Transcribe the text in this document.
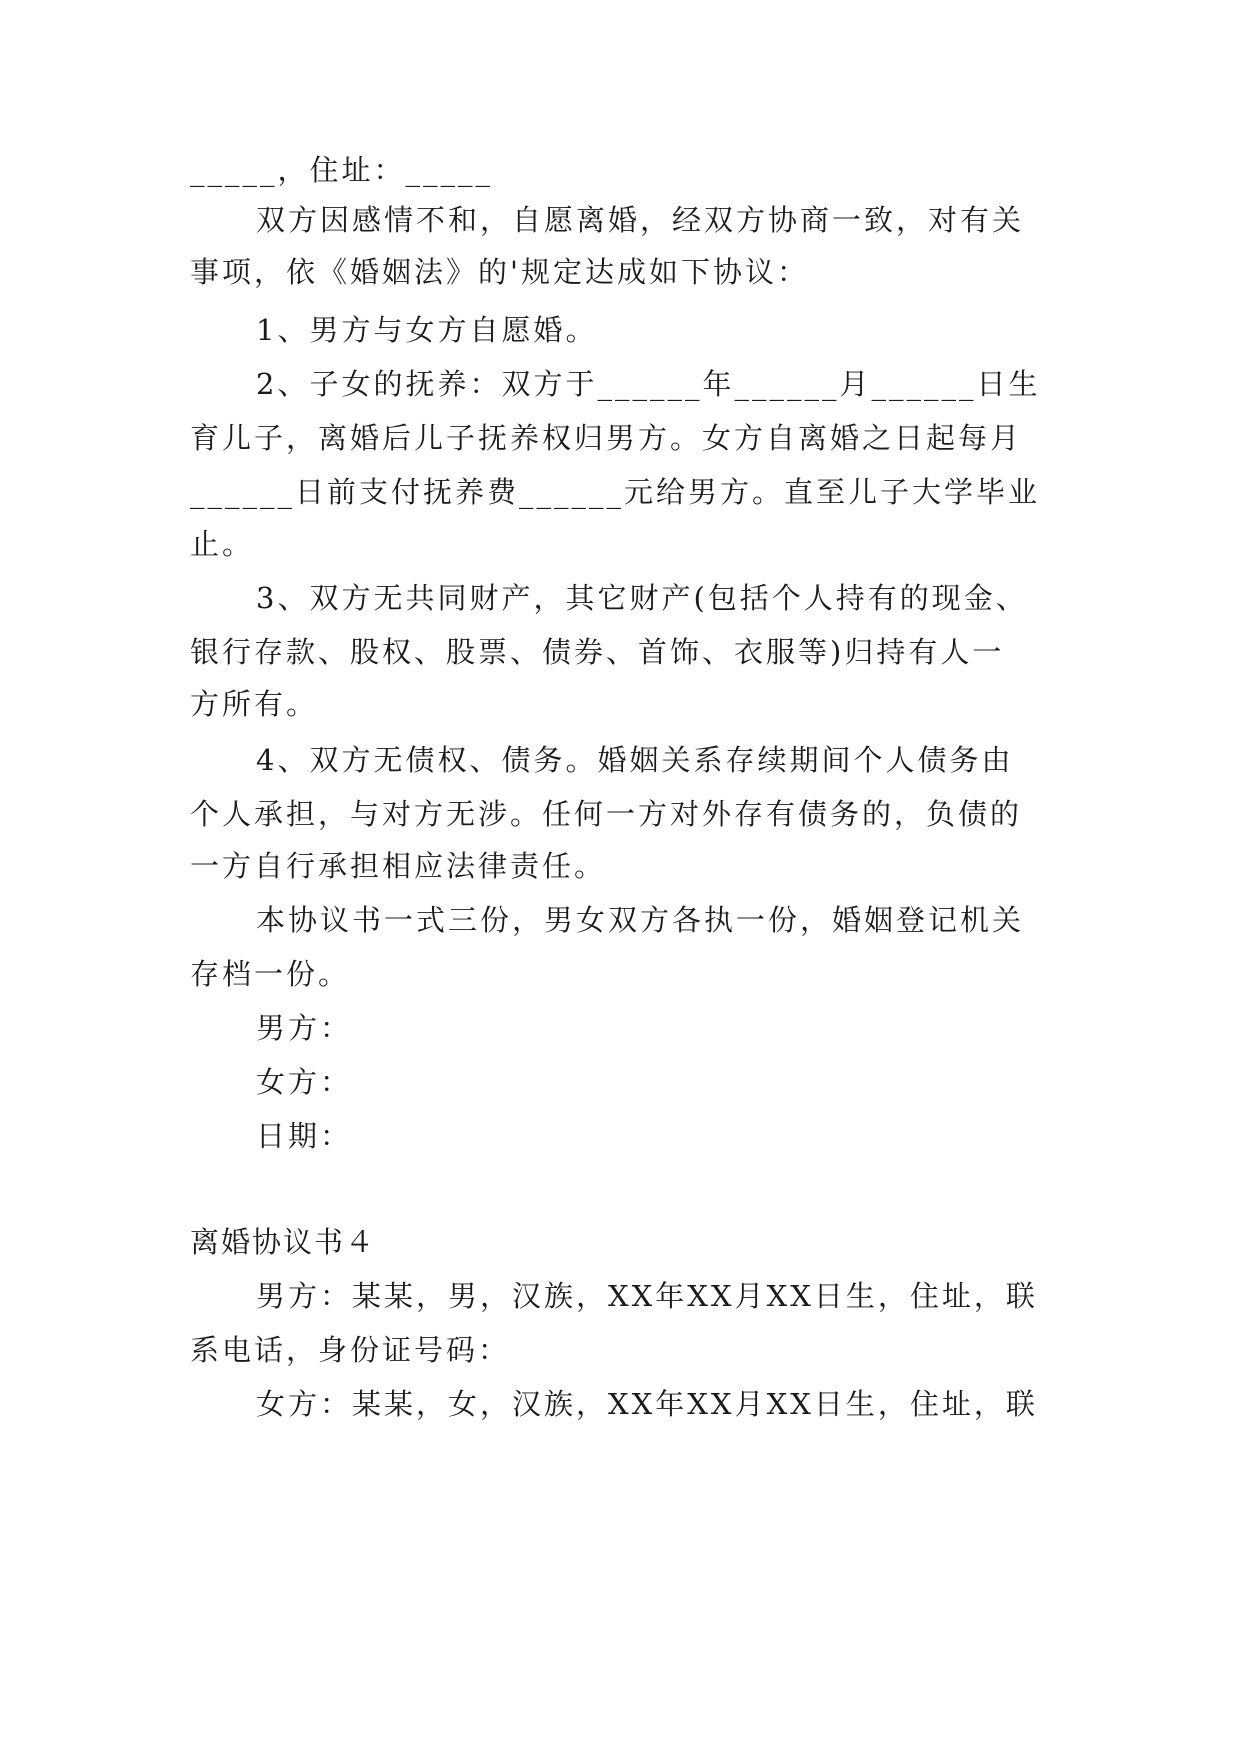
_____，住址：_____
双方因感情不和，自愿离婚，经双方协商一致，对有关
事项，依《婚姻法》的'规定达成如下协议：
1、男方与女方自愿婚。
2、子女的抚养：双方于______年______月______日生
育儿子，离婚后儿子抚养权归男方。女方自离婚之日起每月
______日前支付抚养费______元给男方。直至儿子大学毕业
止。
3、双方无共同财产，其它财产(包括个人持有的现金、
银行存款、股权、股票、债券、首饰、衣服等)归持有人一
方所有。
4、双方无债权、债务。婚姻关系存续期间个人债务由
个人承担，与对方无涉。任何一方对外存有债务的，负债的
一方自行承担相应法律责任。
本协议书一式三份，男女双方各执一份，婚姻登记机关
存档一份。
男方：
女方：
日期：
离婚协议书４
男方：某某，男，汉族，XX年XX月XX日生，住址，联
系电话，身份证号码：
女方：某某，女，汉族，XX年XX月XX日生，住址，联
